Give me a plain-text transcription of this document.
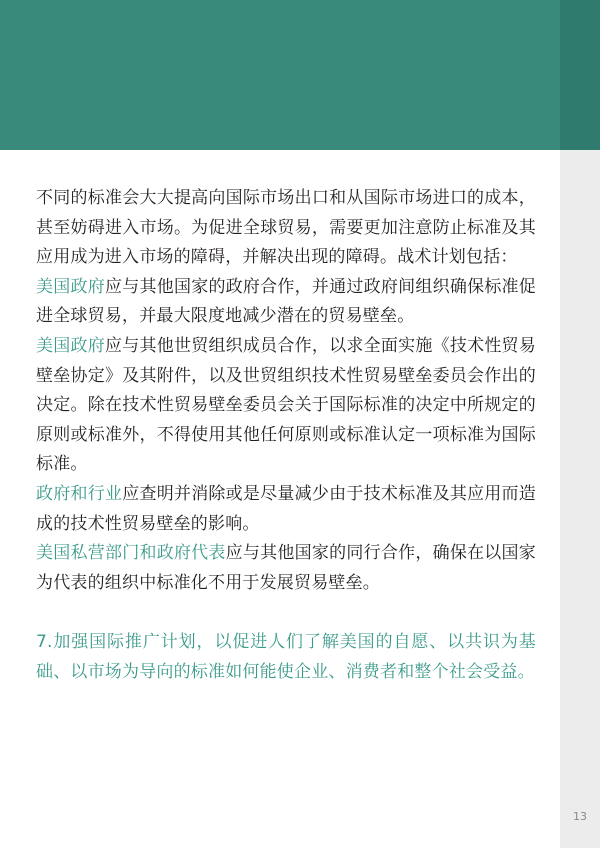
不同的标准会大大提高向国际市场出口和从国际市场进口的成本，甚至妨碍进入市场。为促进全球贸易，需要更加注意防止标准及其应用成为进入市场的障碍，并解决出现的障碍。战术计划包括：

美国政府应与其他国家的政府合作，并通过政府间组织确保标准促进全球贸易，并最大限度地减少潜在的贸易壁垒。

美国政府应与其他世贸组织成员合作，以求全面实施《技术性贸易壁垒协定》及其附件，以及世贸组织技术性贸易壁垒委员会作出的决定。除在技术性贸易壁垒委员会关于国际标准的决定中所规定的原则或标准外，不得使用其他任何原则或标准认定一项标准为国际标准。

政府和行业应查明并消除或是尽量减少由于技术标准及其应用而造成的技术性贸易壁垒的影响。

美国私营部门和政府代表应与其他国家的同行合作，确保在以国家为代表的组织中标准化不用于发展贸易壁垒。

7.加强国际推广计划，以促进人们了解美国的自愿、以共识为基础、以市场为导向的标准如何能使企业、消费者和整个社会受益。

13
